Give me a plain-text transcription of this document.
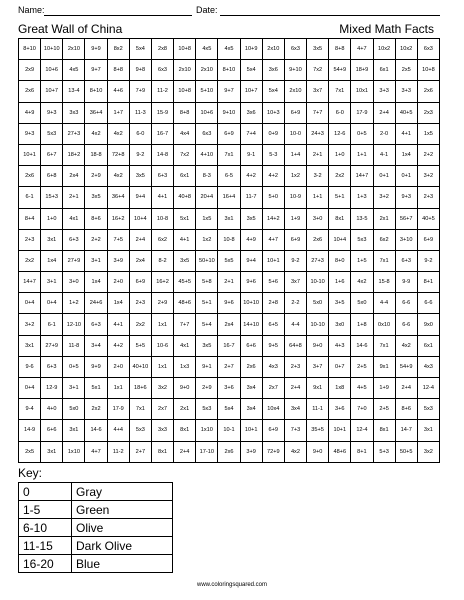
Name:	Date:
Great Wall of China	Mixed Math Facts
8+10	10+10	2x10	9+9	8x2	5x4	2x8	10+8	4x5	4x5	10+9	2x10	6x3	3x5	8+8	4+7	10x2	10x2	6x3
2x9	10+6	4x5	9+7	8+8	9+8	6x3	2x10	2x10	8+10	5x4	3x6	9+10	7x2	54+9	18+9	6x1	2x5	10+8
2x6	10+7	13-4	8+10	4+6	7+9	11-2	10+8	5+10	9+7	10+7	5x4	2x10	3x7	7x1	10x1	3+3	3+3	2x6
4+9	9+3	3x3	36+4	1+7	11-3	15-9	8+8	10+6	9+10	3x6	10+3	6+9	7+7	6-0	17-9	2+4	40+5	2x3
9+3	5x3	27+3	4x2	4x2	6-0	16-7	4x4	6x3	6+9	7+4	0+9	10-0	24+3	12-6	0+5	2-0	4+1	1x5
10+1	6+7	18+2	18-8	72+8	9-2	14-8	7x2	4+10	7x1	9-1	5-3	1+4	2+1	1+0	1+1	4-1	1x4	2+2
2x6	6+8	2x4	2+9	4x2	3x5	6+3	6x1	8-3	6-5	4+2	4+2	1x2	3-2	2x2	14+7	0+1	0+1	3+2
6-1	15+3	2+1	3x5	36+4	9+4	4+1	40+8	20+4	16+4	11-7	5+0	10-9	1+1	5+1	1+3	3+2	9+3	2+3
8+4	1+0	4x1	8+6	16+2	10+4	10-8	5x1	1x5	3x1	3x5	14+2	1+9	3+0	8x1	13-5	2x1	56+7	40+5
2+3	3x1	6+3	2+2	7+5	2+4	6x2	4+1	1x2	10-8	4+9	4+7	6+9	2x6	10+4	5x3	6x2	3+10	6+9
2x2	1x4	27+9	3+1	3+9	2x4	8-2	3x5	50+10	5x5	9+4	10+1	9-2	27+3	8+0	1+5	7x1	6+3	9-2
14+7	3+1	3+0	1x4	2+0	6+9	16+2	45+5	5+8	2+1	9+6	5+6	3x7	10-10	1+6	4x2	15-8	9-9	8+1
0+4	0+4	1+2	24+6	1x4	2+3	2+9	48+6	5+1	9+6	10+10	2+8	2-2	5x0	3+5	5x0	4-4	6-6	6-6
3+2	6-1	12-10	6+3	4+1	2x2	1x1	7+7	5+4	2x4	14+10	6+5	4-4	10-10	3x0	1+8	0x10	6-6	9x0
3x1	27+9	11-8	3+4	4+2	5+5	10-6	4x1	3x5	16-7	6+6	9+5	64+8	9+0	4+3	14-6	7x1	4x2	6x1
9-6	6+3	0+5	9+9	2+0	40+10	1x1	1x3	9+1	2+7	2x6	4x3	2+3	3+7	0+7	2+5	9x1	54+9	4x3
0+4	12-9	3+1	5x1	1x1	18+6	3x2	9+0	2+9	3+6	3x4	2x7	2+4	9x1	1x8	4+5	1+9	2+4	12-4
9-4	4+0	5x0	2x2	17-9	7x1	2x7	2x1	5x3	5x4	3x4	10x4	3x4	11-1	3+6	7+0	2+5	8+6	5x3
14-9	6+6	3x1	14-6	4+4	5x3	3x3	8x1	1x10	10-1	10+1	6+9	7+3	35+5	10+1	12-4	8x1	14-7	3x1
2x5	3x1	1x10	4+7	11-2	2+7	8x1	2+4	17-10	2x6	3+9	72+9	4x2	9+0	48+6	8+1	5+3	50+5	3x2
Key:
0	Gray
1-5	Green
6-10	Olive
11-15	Dark Olive
16-20	Blue
www.coloringsquared.com
